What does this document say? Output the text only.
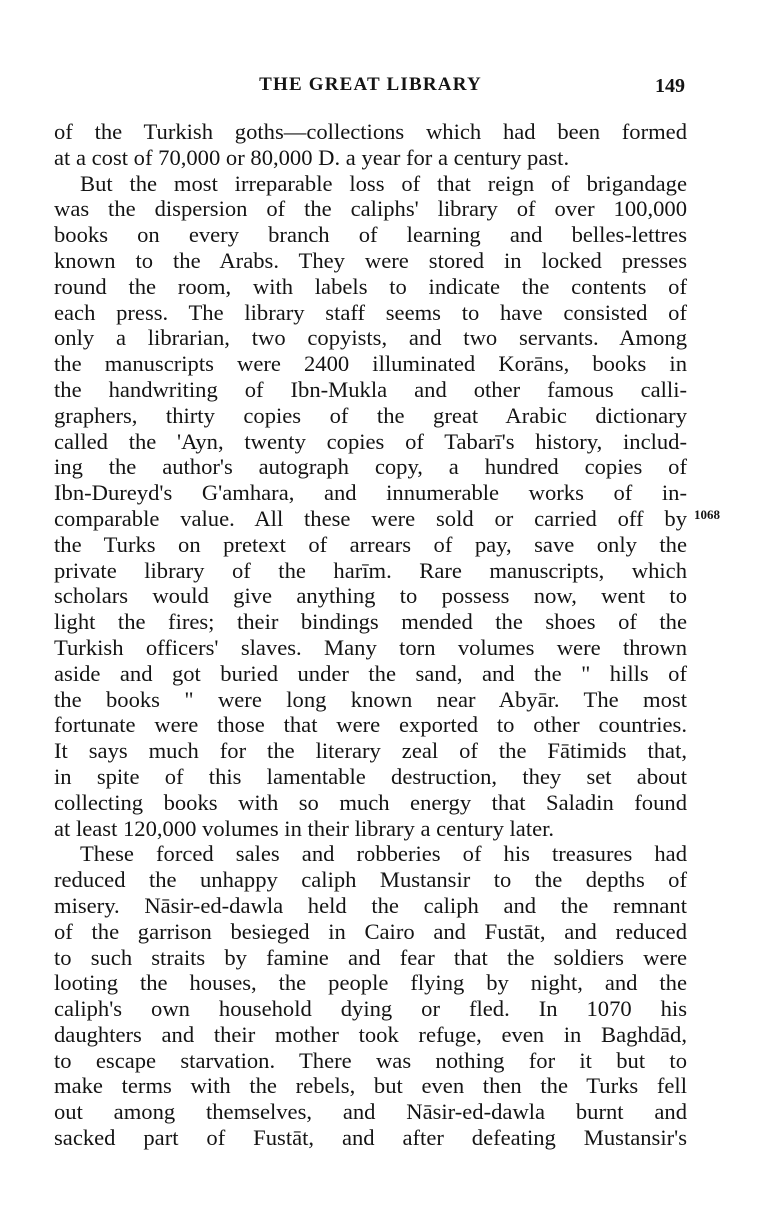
THE GREAT LIBRARY	149
1068
of the Turkish goths—collections which had been formed
at a cost of 70,000 or 80,000 D. a year for a century past.
But the most irreparable loss of that reign of brigandage
was the dispersion of the caliphs' library of over 100,000
books on every branch of learning and belles-lettres
known to the Arabs. They were stored in locked presses
round the room, with labels to indicate the contents of
each press. The library staff seems to have consisted of
only a librarian, two copyists, and two servants. Among
the manuscripts were 2400 illuminated Korāns, books in
the handwriting of Ibn-Mukla and other famous calli-
graphers, thirty copies of the great Arabic dictionary
called the 'Ayn, twenty copies of Tabarī's history, includ-
ing the author's autograph copy, a hundred copies of
Ibn-Dureyd's G'amhara, and innumerable works of in-
comparable value. All these were sold or carried off by
the Turks on pretext of arrears of pay, save only the
private library of the harīm. Rare manuscripts, which
scholars would give anything to possess now, went to
light the fires; their bindings mended the shoes of the
Turkish officers' slaves. Many torn volumes were thrown
aside and got buried under the sand, and the " hills of
the books " were long known near Abyār. The most
fortunate were those that were exported to other countries.
It says much for the literary zeal of the Fātimids that,
in spite of this lamentable destruction, they set about
collecting books with so much energy that Saladin found
at least 120,000 volumes in their library a century later.
These forced sales and robberies of his treasures had
reduced the unhappy caliph Mustansir to the depths of
misery. Nāsir-ed-dawla held the caliph and the remnant
of the garrison besieged in Cairo and Fustāt, and reduced
to such straits by famine and fear that the soldiers were
looting the houses, the people flying by night, and the
caliph's own household dying or fled. In 1070 his
daughters and their mother took refuge, even in Baghdād,
to escape starvation. There was nothing for it but to
make terms with the rebels, but even then the Turks fell
out among themselves, and Nāsir-ed-dawla burnt and
sacked part of Fustāt, and after defeating Mustansir's
